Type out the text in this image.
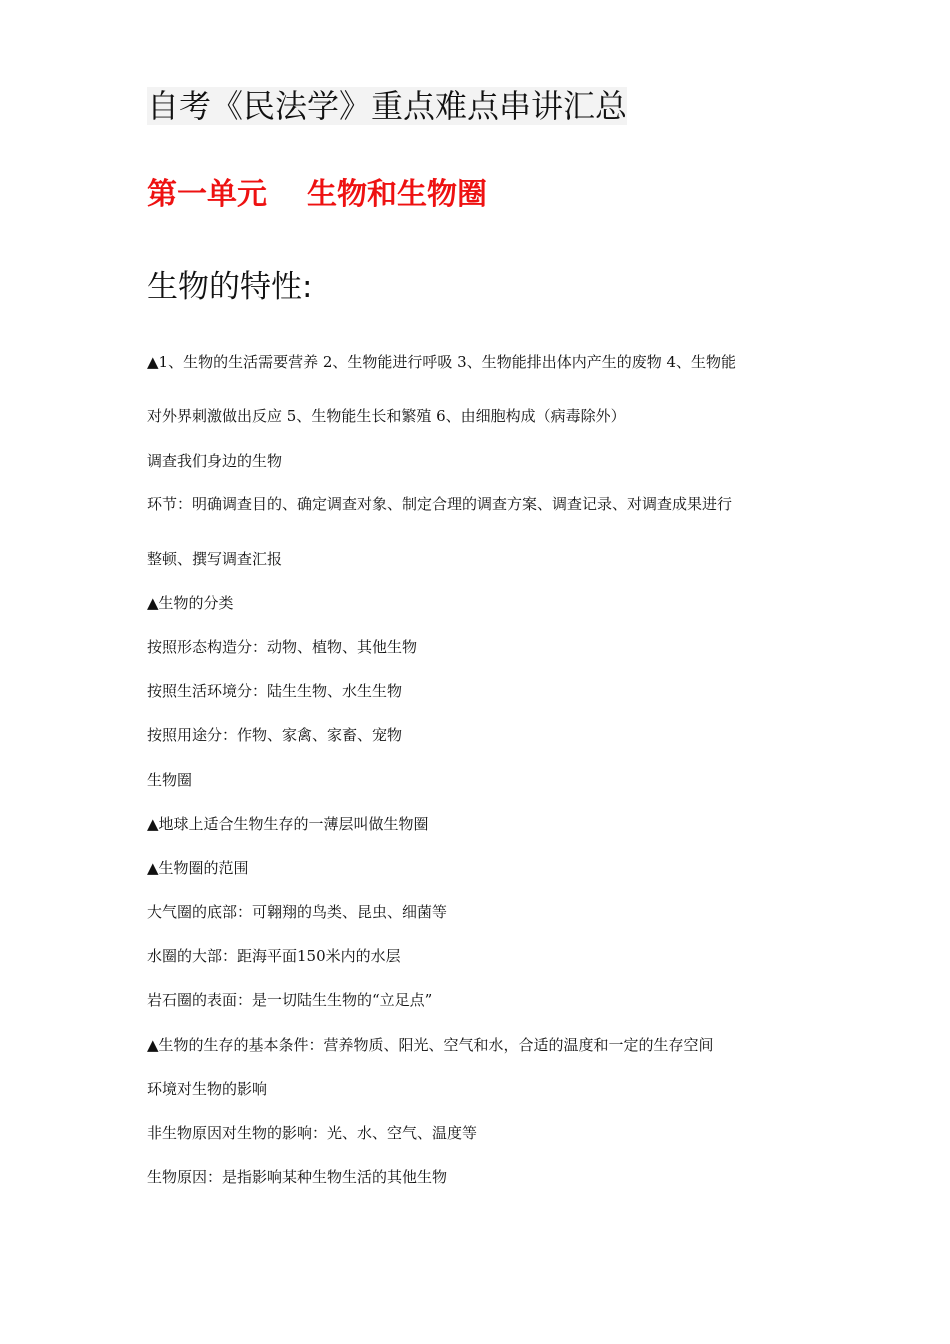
自考《民法学》重点难点串讲汇总
第一单元 生物和生物圈
生物的特性:
▲1、生物的生活需要营养 2、生物能进行呼吸 3、生物能排出体内产生的废物 4、生物能
对外界刺激做出反应 5、生物能生长和繁殖 6、由细胞构成（病毒除外）
调查我们身边的生物
环节：明确调查目的、确定调查对象、制定合理的调查方案、调查记录、对调查成果进行
整顿、撰写调查汇报
▲生物的分类
按照形态构造分：动物、植物、其他生物
按照生活环境分：陆生生物、水生生物
按照用途分：作物、家禽、家畜、宠物
生物圈
▲地球上适合生物生存的一薄层叫做生物圈
▲生物圈的范围
大气圈的底部：可翱翔的鸟类、昆虫、细菌等
水圈的大部：距海平面150米内的水层
岩石圈的表面：是一切陆生生物的“立足点”
▲生物的生存的基本条件：营养物质、阳光、空气和水，合适的温度和一定的生存空间
环境对生物的影响
非生物原因对生物的影响：光、水、空气、温度等
生物原因：是指影响某种生物生活的其他生物
